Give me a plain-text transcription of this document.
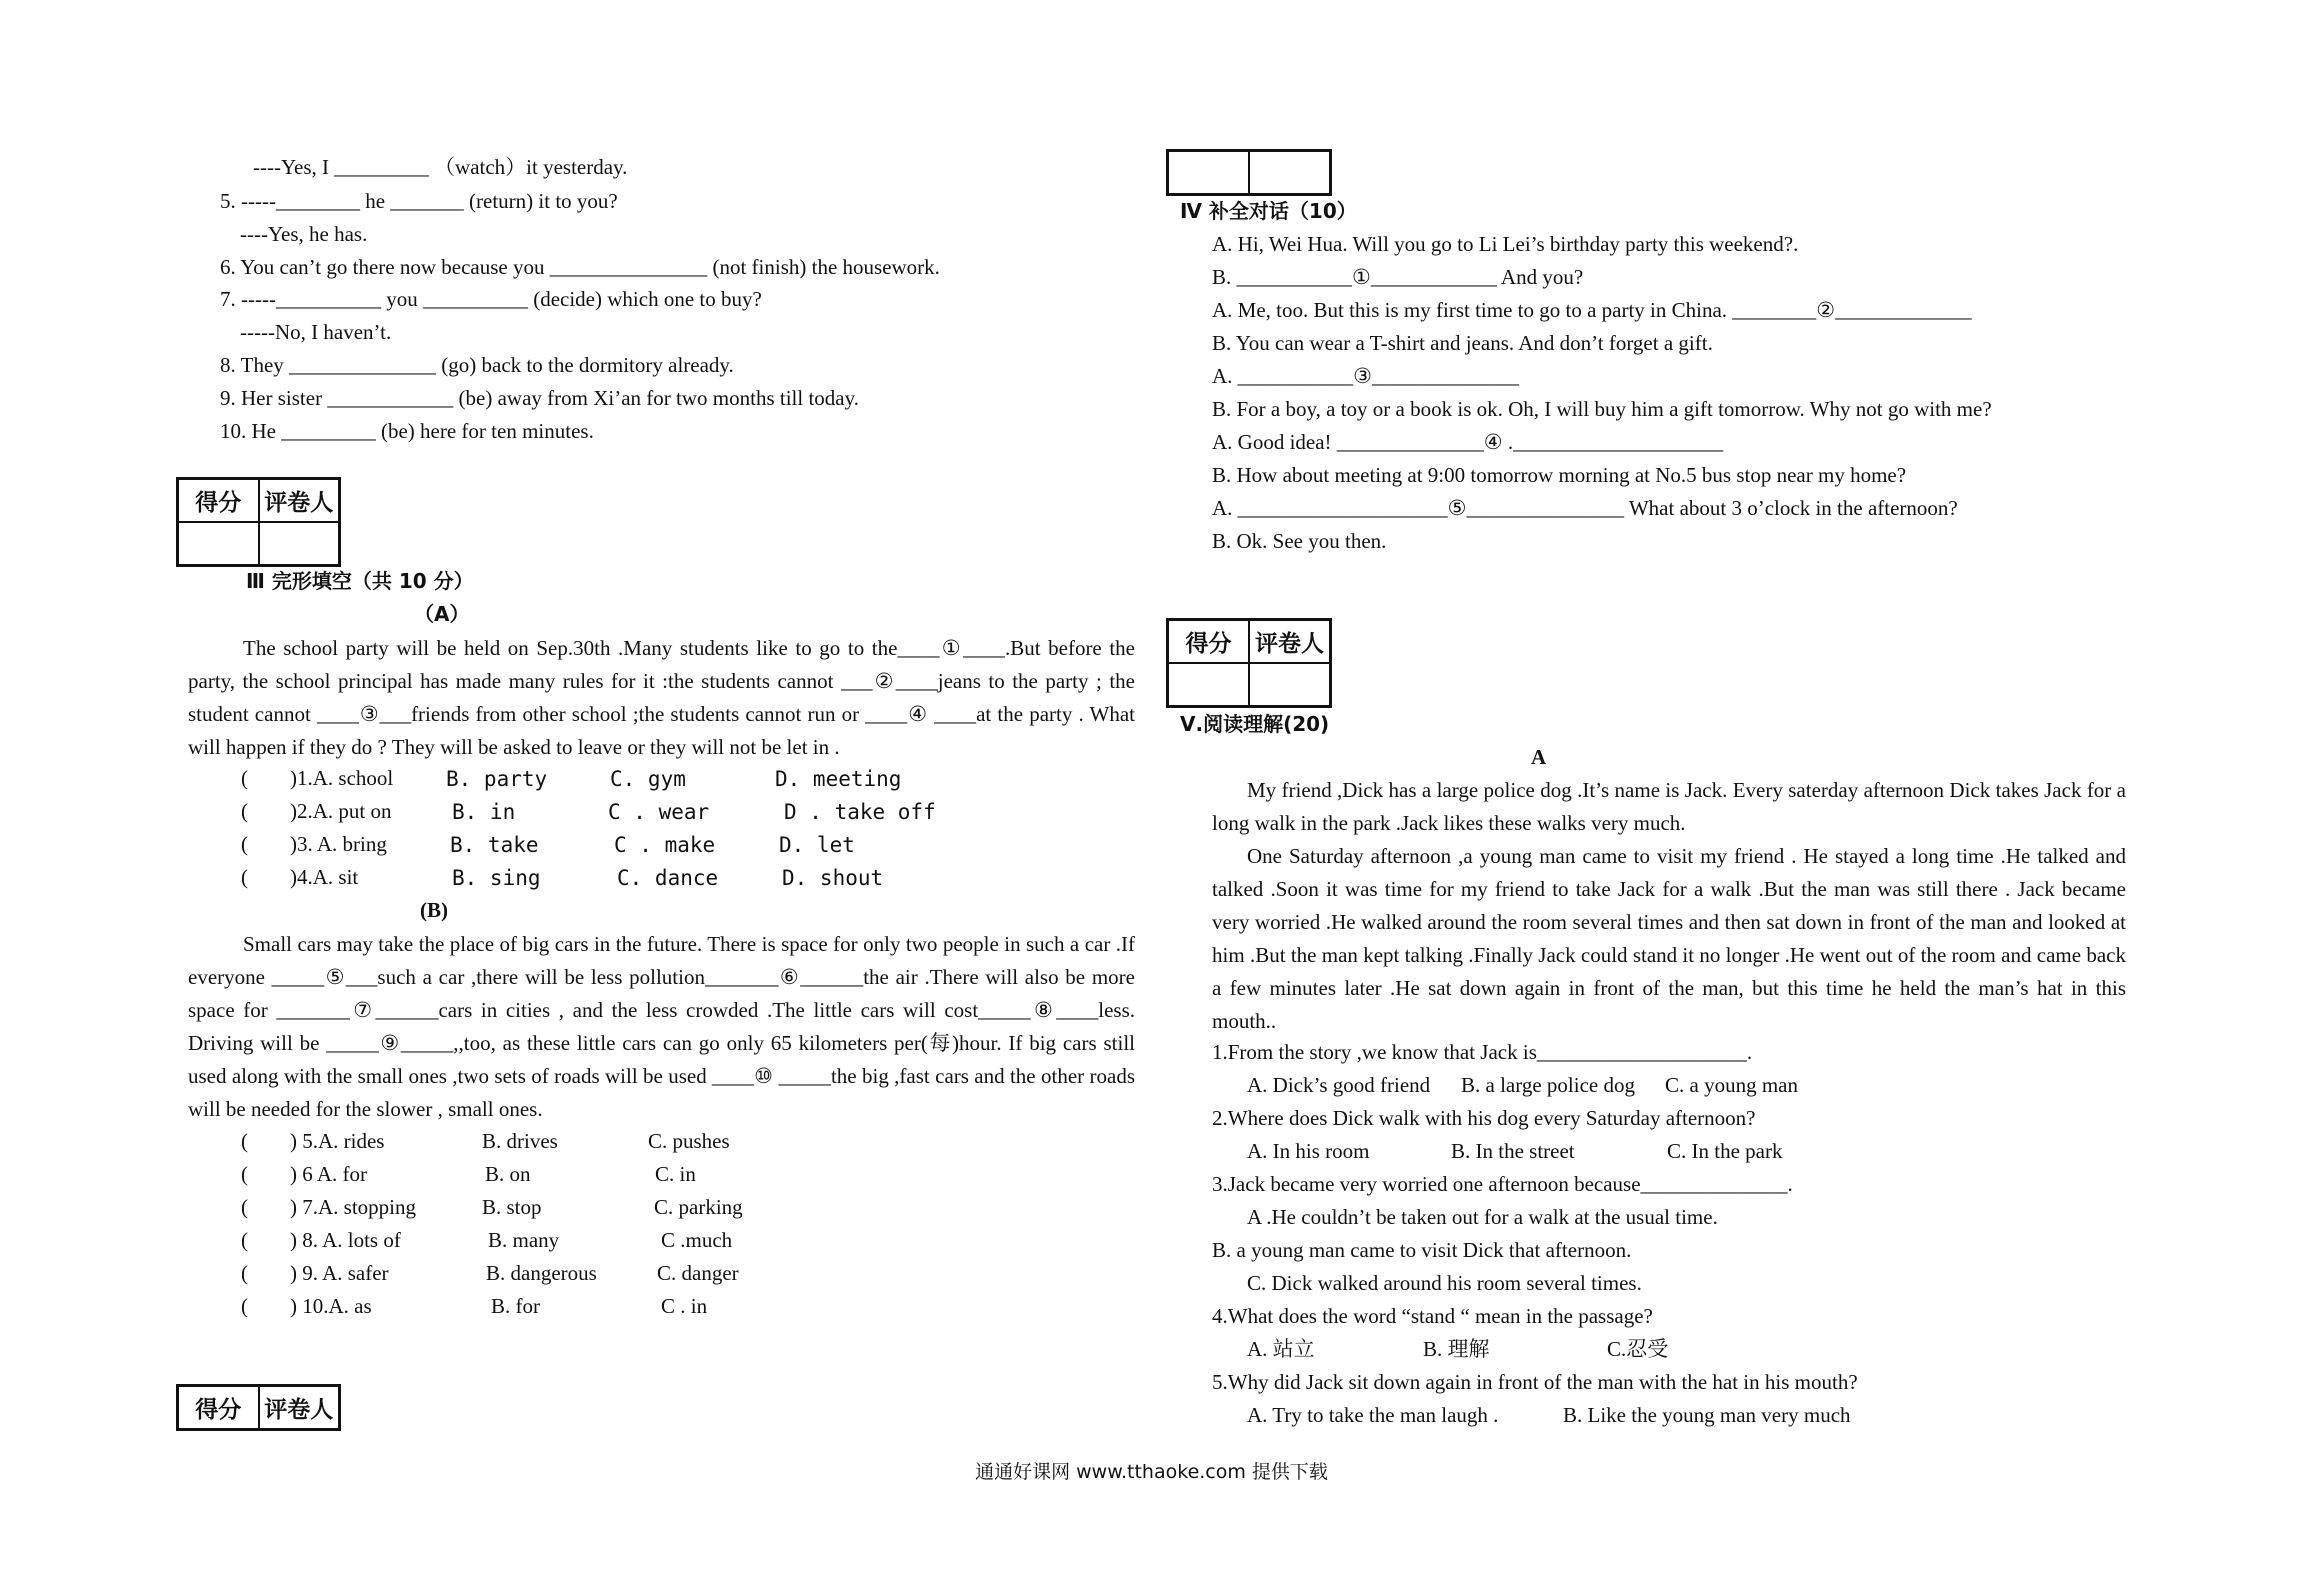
----Yes, I _________ （watch）it yesterday.
5. -----________ he _______ (return) it to you?
----Yes, he has.
6. You can’t go there now because you _______________ (not finish) the housework.
7. -----__________ you __________ (decide) which one to buy?
-----No, I haven’t.
8. They ______________ (go) back to the dormitory already.
9. Her sister ____________ (be) away from Xi’an for two months till today.
10. He _________ (be) here for ten minutes.
得分	评卷人
Ⅲ 完形填空（共 10 分）
（A）
The school party will be held on Sep.30th .Many students like to go to the____①____.But before the party, the school principal has made many rules for it :the students cannot ___②____jeans to the party ; the student cannot ____③___friends from other school ;the students cannot run or ____④ ____at the party . What will happen if they do ? They will be asked to leave or they will not be let in .
(　　)1.A. school	B. party	C. gym	D. meeting
(　　)2.A. put on	B. in	C . wear	D . take off
(　　)3. A. bring	B. take	C . make	D. let
(　　)4.A. sit	B. sing	C. dance	D. shout
(B)
Small cars may take the place of big cars in the future. There is space for only two people in such a car .If everyone _____⑤___such a car ,there will be less pollution_______⑥______the air .There will also be more space for _______⑦______cars in cities , and the less crowded .The little cars will cost_____⑧____less. Driving will be _____⑨_____,,too, as these little cars can go only 65 kilometers per(每)hour. If big cars still used along with the small ones ,two sets of roads will be used ____⑩ _____the big ,fast cars and the other roads will be needed for the slower , small ones.
(　　) 5.A. rides	B. drives	C. pushes
(　　) 6 A. for	B. on	C. in
(　　) 7.A. stopping	B. stop	C. parking
(　　) 8. A. lots of	B. many	C .much
(　　) 9. A. safer	B. dangerous	C. danger
(　　) 10.A. as	B. for	C . in
得分	评卷人
Ⅳ 补全对话（10）
A. Hi, Wei Hua. Will you go to Li Lei’s birthday party this weekend?.
B. ___________①____________ And you?
A. Me, too. But this is my first time to go to a party in China. ________②_____________
B. You can wear a T-shirt and jeans. And don’t forget a gift.
A. ___________③______________
B. For a boy, a toy or a book is ok. Oh, I will buy him a gift tomorrow. Why not go with me?
A. Good idea! ______________④ .____________________
B. How about meeting at 9:00 tomorrow morning at No.5 bus stop near my home?
A. ____________________⑤_______________ What about 3 o’clock in the afternoon?
B. Ok. See you then.
得分	评卷人
Ⅴ.阅读理解(20)
A
My friend ,Dick has a large police dog .It’s name is Jack. Every saterday afternoon Dick takes Jack for a long walk in the park .Jack likes these walks very much.
One Saturday afternoon ,a young man came to visit my friend . He stayed a long time .He talked and talked .Soon it was time for my friend to take Jack for a walk .But the man was still there . Jack became very worried .He walked around the room several times and then sat down in front of the man and looked at him .But the man kept talking .Finally Jack could stand it no longer .He went out of the room and came back a few minutes later .He sat down again in front of the man, but this time he held the man’s hat in this mouth..
1.From the story ,we know that Jack is____________________.
A. Dick’s good friend B. a large police dog C. a young man
2.Where does Dick walk with his dog every Saturday afternoon?
A. In his room	B. In the street	C. In the park
3.Jack became very worried one afternoon because______________.
A .He couldn’t be taken out for a walk at the usual time.
B. a young man came to visit Dick that afternoon.
C. Dick walked around his room several times.
4.What does the word “stand “ mean in the passage?
A. 站立	B. 理解	C.忍受
5.Why did Jack sit down again in front of the man with the hat in his mouth?
A. Try to take the man laugh .	B. Like the young man very much
通通好课网 www.tthaoke.com 提供下载
